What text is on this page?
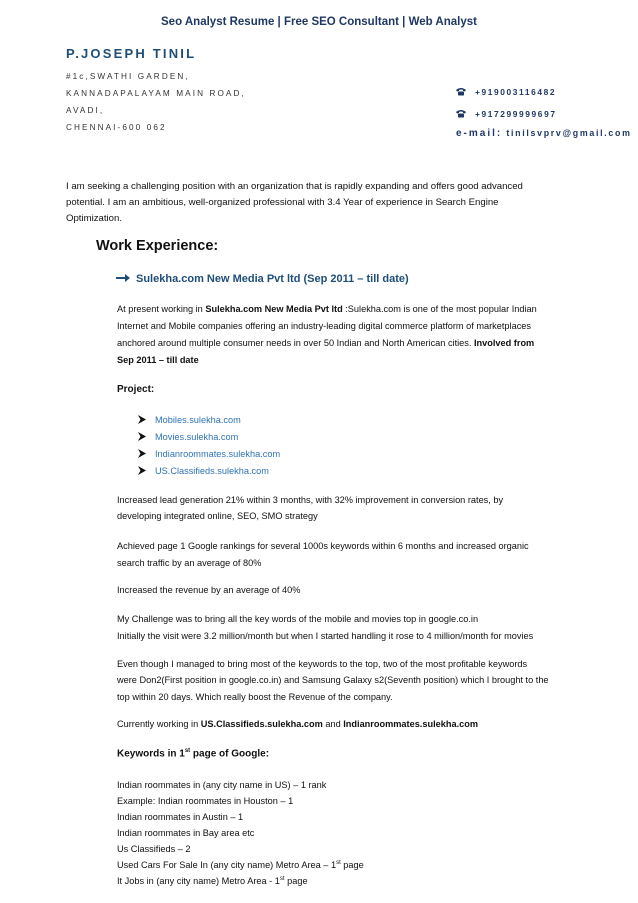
Seo Analyst Resume | Free SEO Consultant | Web Analyst
P.JOSEPH TINIL
#1c,SWATHI GARDEN,
KANNADAPALAYAM MAIN ROAD,
AVADI,
CHENNAI-600 062
+919003116482
+917299999697
e-mail: tinilsvprv@gmail.com
I am seeking a challenging position with an organization that is rapidly expanding and offers good advanced
potential. I am an ambitious, well-organized professional with 3.4 Year of experience in Search Engine
Optimization.
Work Experience:
Sulekha.com New Media Pvt ltd (Sep 2011 – till date)
At present working in Sulekha.com New Media Pvt ltd :Sulekha.com is one of the most popular Indian
Internet and Mobile companies offering an industry-leading digital commerce platform of marketplaces
anchored around multiple consumer needs in over 50 Indian and North American cities. Involved from
Sep 2011 – till date
Project:
Mobiles.sulekha.com
Movies.sulekha.com
Indianroommates.sulekha.com
US.Classifieds.sulekha.com
Increased lead generation 21% within 3 months, with 32% improvement in conversion rates, by
developing integrated online, SEO, SMO strategy
Achieved page 1 Google rankings for several 1000s keywords within 6 months and increased organic
search traffic by an average of 80%
Increased the revenue by an average of 40%
My Challenge was to bring all the key words of the mobile and movies top in google.co.in
Initially the visit were 3.2 million/month but when I started handling it rose to 4 million/month for movies
Even though I managed to bring most of the keywords to the top, two of the most profitable keywords
were Don2(First position in google.co.in) and Samsung Galaxy s2(Seventh position) which I brought to the
top within 20 days. Which really boost the Revenue of the company.
Currently working in US.Classifieds.sulekha.com and Indianroommates.sulekha.com
Keywords in 1st page of Google:
Indian roommates in (any city name in US) – 1 rank
Example: Indian roommates in Houston – 1
Indian roommates in Austin – 1
Indian roommates in Bay area etc
Us Classifieds – 2
Used Cars For Sale In (any city name) Metro Area – 1st page
It Jobs in (any city name) Metro Area - 1st page
